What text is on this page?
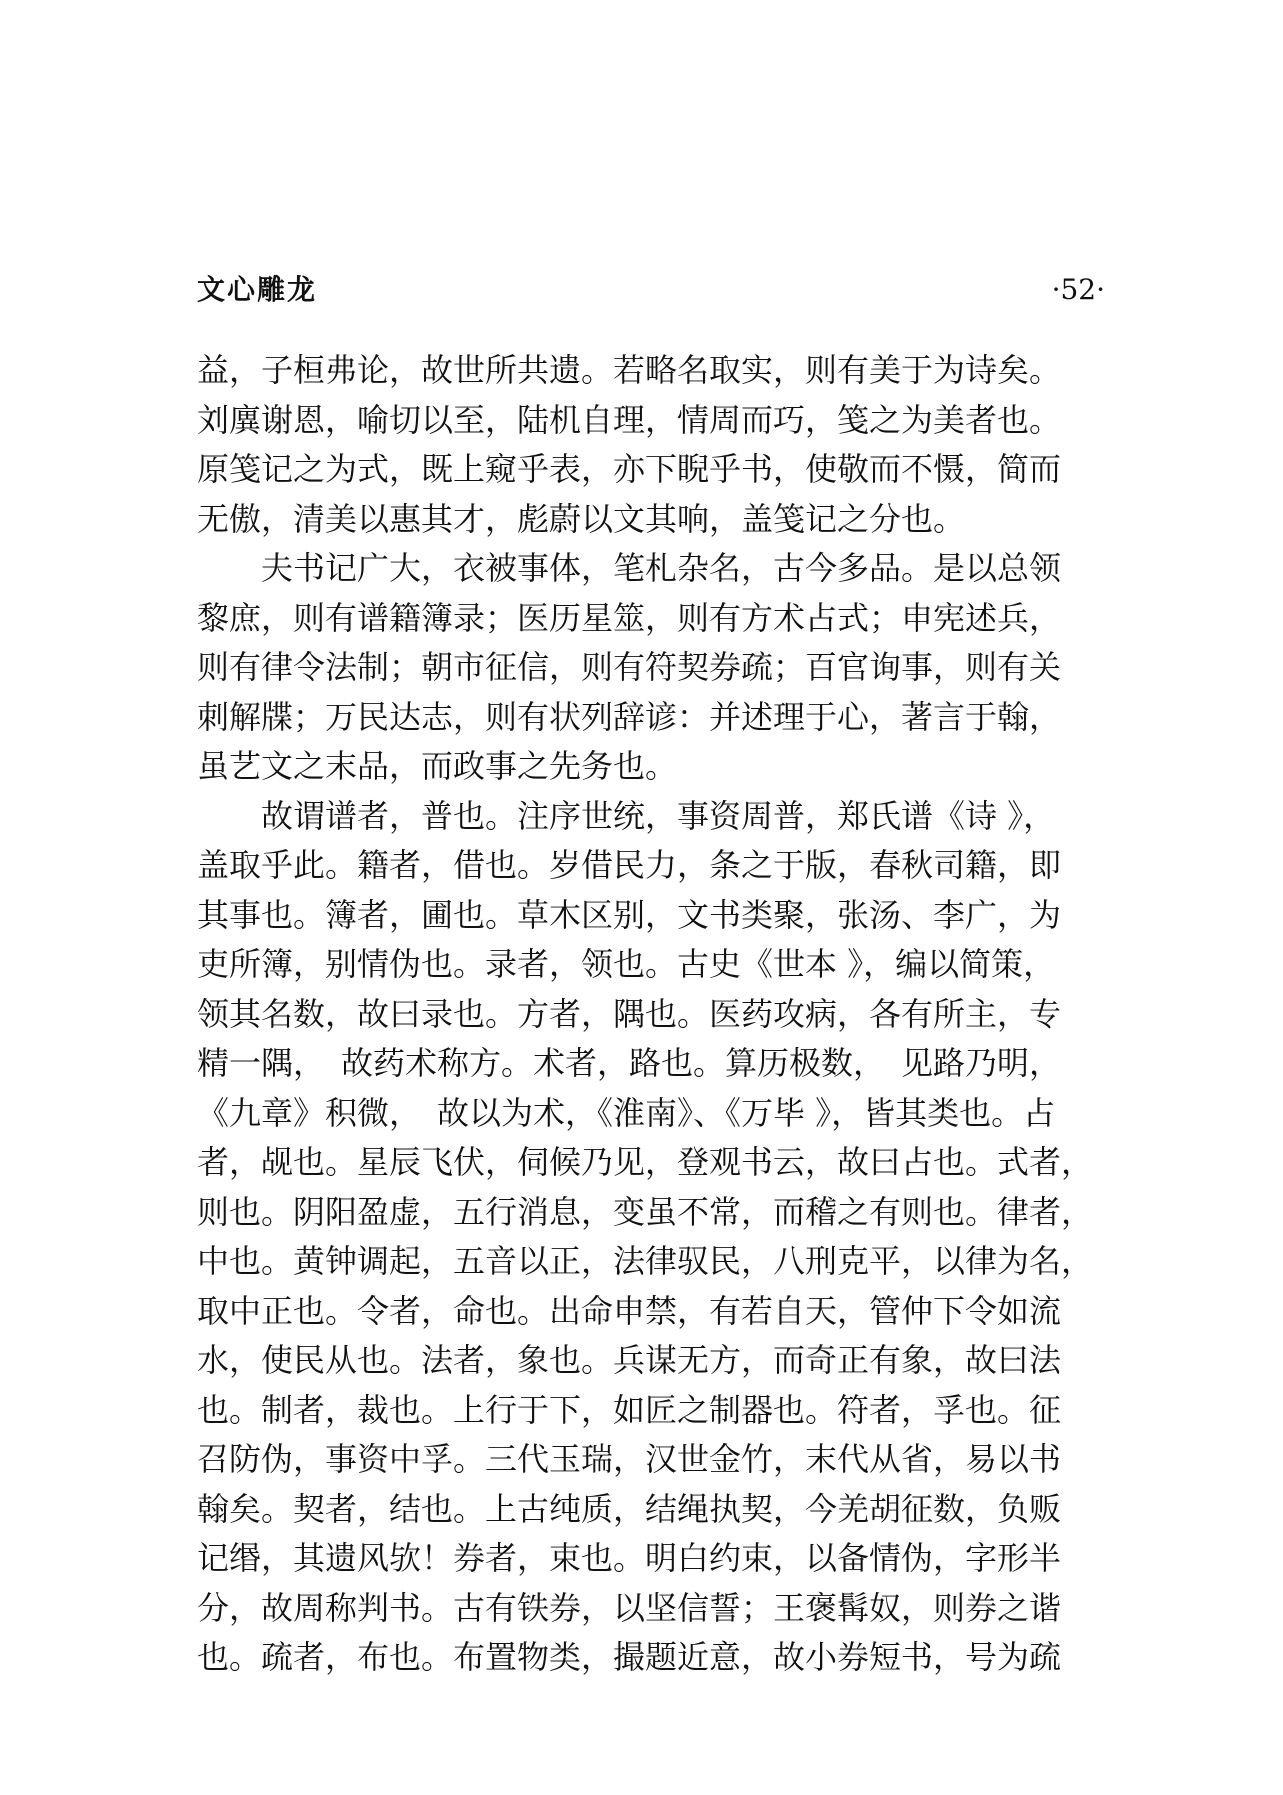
文心雕龙	·52·
益，子桓弗论，故世所共遗。若略名取实，则有美于为诗矣。
刘廙谢恩，喻切以至，陆机自理，情周而巧，笺之为美者也。
原笺记之为式，既上窥乎表，亦下睨乎书，使敬而不慑，简而
无傲，清美以惠其才，彪蔚以文其响，盖笺记之分也。
夫书记广大，衣被事体，笔札杂名，古今多品。是以总领
黎庶，则有谱籍簿录；医历星筮，则有方术占式；申宪述兵，
则有律令法制；朝市征信，则有符契券疏；百官询事，则有关
刺解牒；万民达志，则有状列辞谚：并述理于心，著言于翰，
虽艺文之末品，而政事之先务也。
故谓谱者，普也。注序世统，事资周普，郑氏谱《诗 》，
盖取乎此。籍者，借也。岁借民力，条之于版，春秋司籍，即
其事也。簿者，圃也。草木区别，文书类聚，张汤、李广，为
吏所簿，别情伪也。录者，领也。古史《世本 》，编以简策，
领其名数，故曰录也。方者，隅也。医药攻病，各有所主，专
精一隅，　故药术称方。术者，路也。算历极数，　见路乃明，
《九章》积微，　故以为术，《淮南》、《万毕 》，皆其类也。占
者，觇也。星辰飞伏，伺候乃见，登观书云，故曰占也。式者，
则也。阴阳盈虚，五行消息，变虽不常，而稽之有则也。律者，
中也。黄钟调起，五音以正，法律驭民，八刑克平，以律为名，
取中正也。令者，命也。出命申禁，有若自天，管仲下令如流
水，使民从也。法者，象也。兵谋无方，而奇正有象，故曰法
也。制者，裁也。上行于下，如匠之制器也。符者，孚也。征
召防伪，事资中孚。三代玉瑞，汉世金竹，末代从省，易以书
翰矣。契者，结也。上古纯质，结绳执契，今羌胡征数，负贩
记缗，其遗风欤！券者，束也。明白约束，以备情伪，字形半
分，故周称判书。古有铁券，以坚信誓；王褒髯奴，则券之谐
也。疏者，布也。布置物类，撮题近意，故小券短书，号为疏
